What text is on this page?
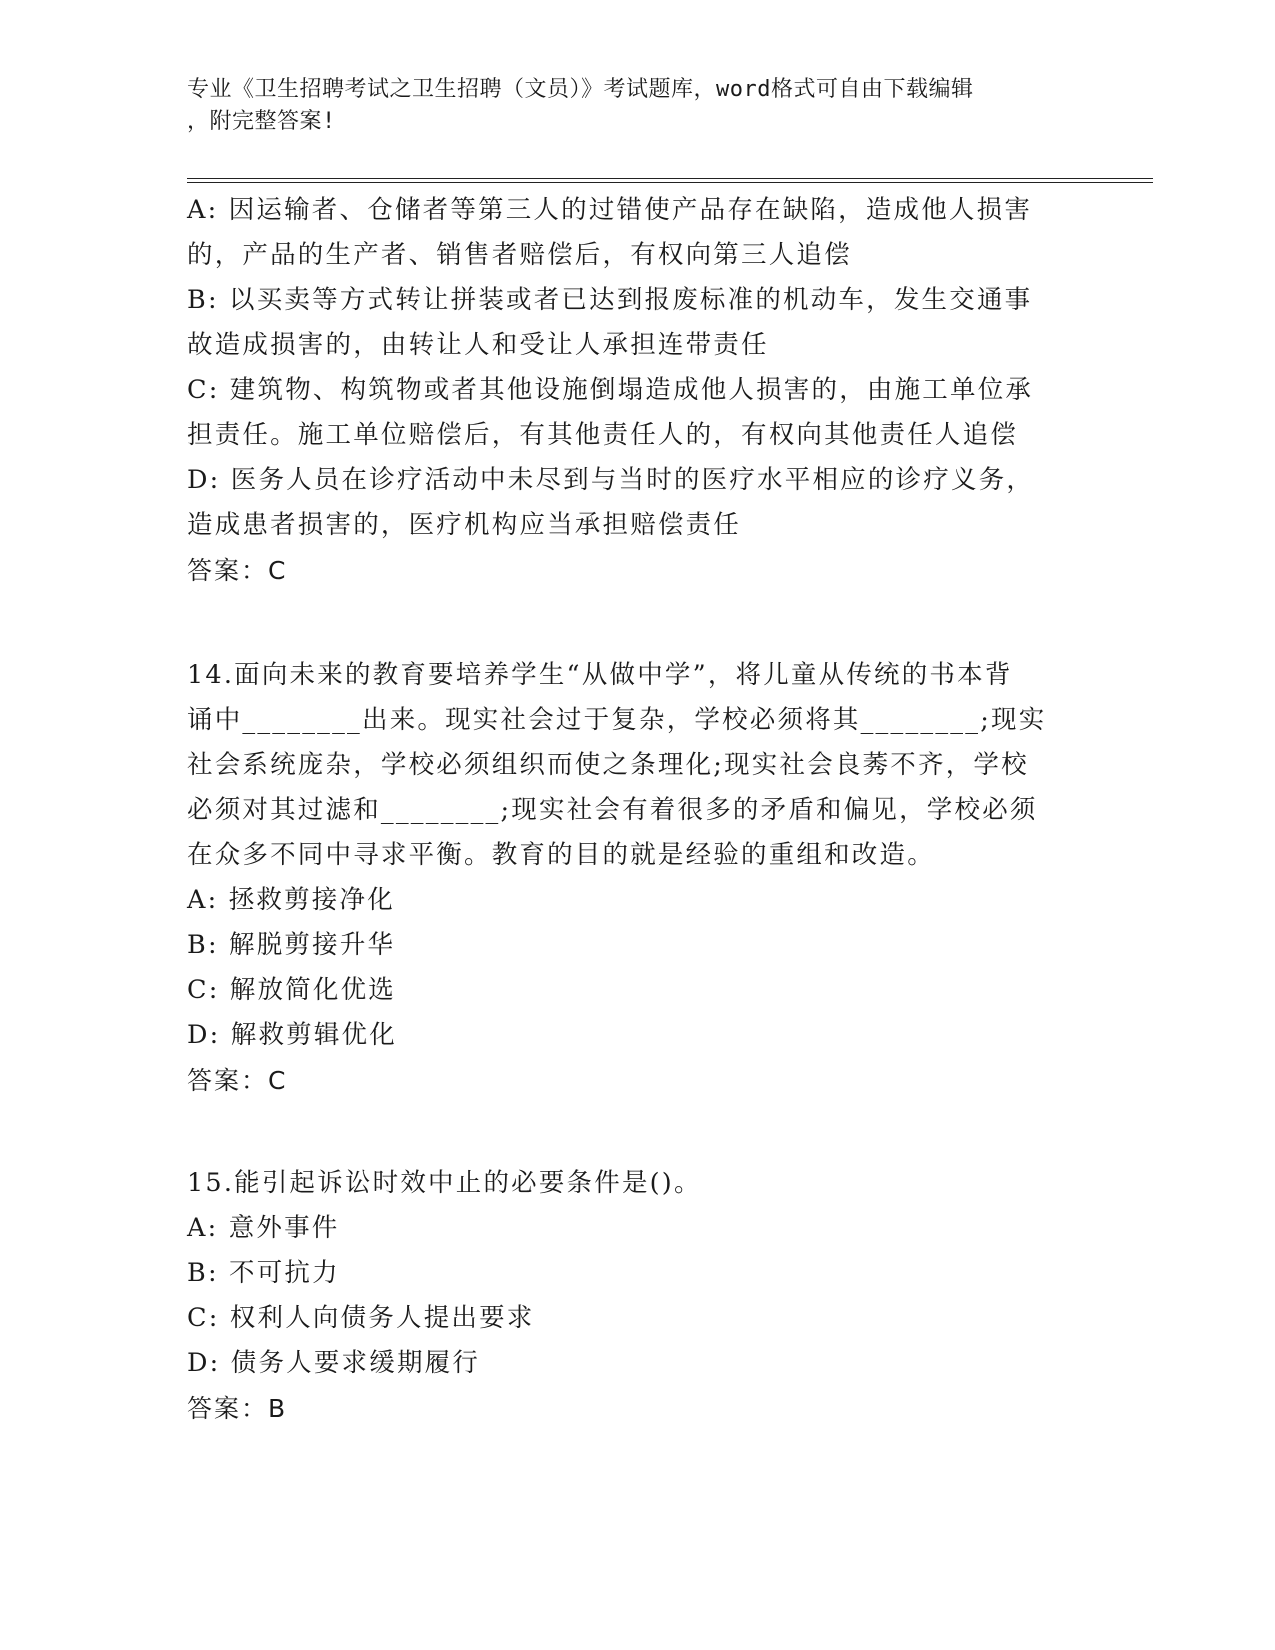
专业《卫生招聘考试之卫生招聘（文员）》考试题库，word格式可自由下载编辑
，附完整答案!
A: 因运输者、仓储者等第三人的过错使产品存在缺陷，造成他人损害
的，产品的生产者、销售者赔偿后，有权向第三人追偿
B: 以买卖等方式转让拼装或者已达到报废标准的机动车，发生交通事
故造成损害的，由转让人和受让人承担连带责任
C: 建筑物、构筑物或者其他设施倒塌造成他人损害的，由施工单位承
担责任。施工单位赔偿后，有其他责任人的，有权向其他责任人追偿
D: 医务人员在诊疗活动中未尽到与当时的医疗水平相应的诊疗义务，
造成患者损害的，医疗机构应当承担赔偿责任
答案：C
14.面向未来的教育要培养学生“从做中学”，将儿童从传统的书本背
诵中________出来。现实社会过于复杂，学校必须将其________;现实
社会系统庞杂，学校必须组织而使之条理化;现实社会良莠不齐，学校
必须对其过滤和________;现实社会有着很多的矛盾和偏见，学校必须
在众多不同中寻求平衡。教育的目的就是经验的重组和改造。
A: 拯救剪接净化
B: 解脱剪接升华
C: 解放简化优选
D: 解救剪辑优化
答案：C
15.能引起诉讼时效中止的必要条件是()。
A: 意外事件
B: 不可抗力
C: 权利人向债务人提出要求
D: 债务人要求缓期履行
答案：B
